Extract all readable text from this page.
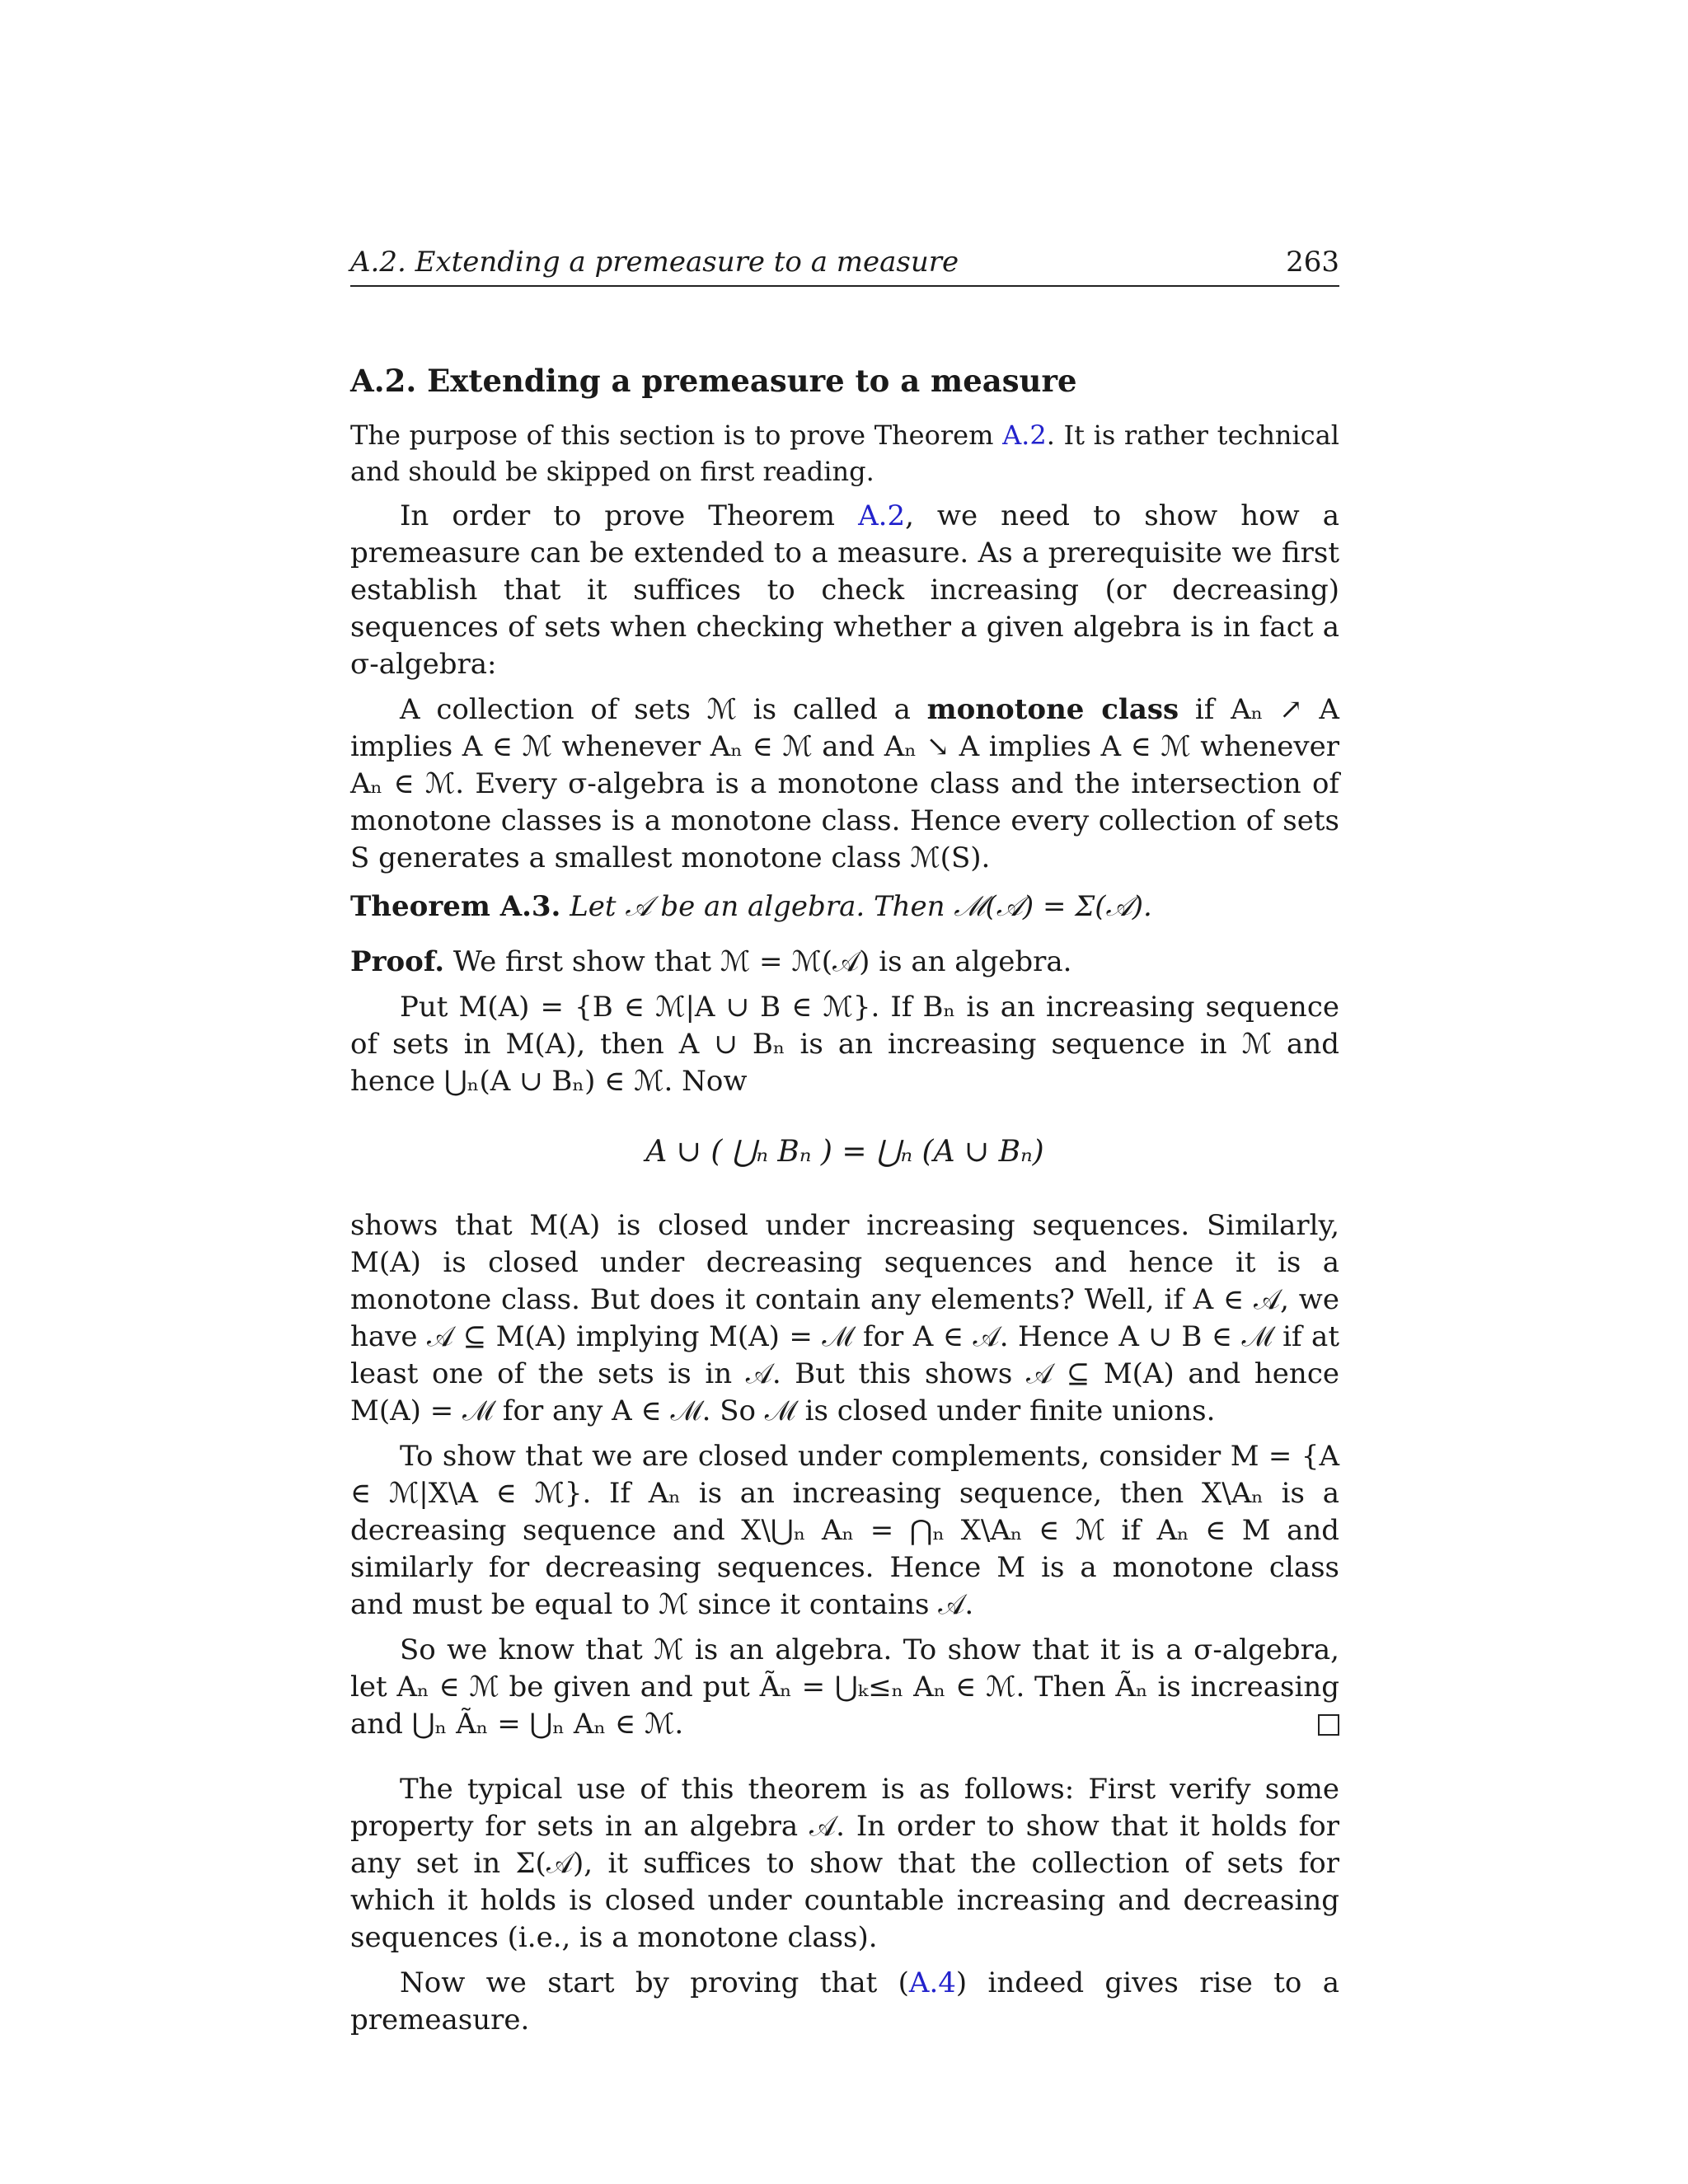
A.2. Extending a premeasure to a measure	263
A.2. Extending a premeasure to a measure

The purpose of this section is to prove Theorem A.2. It is rather technical and should be skipped on first reading.

In order to prove Theorem A.2, we need to show how a premeasure can be extended to a measure. As a prerequisite we first establish that it suffices to check increasing (or decreasing) sequences of sets when checking whether a given algebra is in fact a σ-algebra:

A collection of sets ℳ is called a monotone class if Aₙ ↗ A implies A ∈ ℳ whenever Aₙ ∈ ℳ and Aₙ ↘ A implies A ∈ ℳ whenever Aₙ ∈ ℳ. Every σ-algebra is a monotone class and the intersection of monotone classes is a monotone class. Hence every collection of sets S generates a smallest monotone class ℳ(S).

Theorem A.3. Let 𝒜 be an algebra. Then ℳ(𝒜) = Σ(𝒜).

Proof. We first show that ℳ = ℳ(𝒜) is an algebra.

Put M(A) = {B ∈ ℳ|A ∪ B ∈ ℳ}. If Bₙ is an increasing sequence of sets in M(A), then A ∪ Bₙ is an increasing sequence in ℳ and hence ⋃ₙ(A ∪ Bₙ) ∈ ℳ. Now

A ∪ ( ⋃ₙ Bₙ ) = ⋃ₙ (A ∪ Bₙ)

shows that M(A) is closed under increasing sequences. Similarly, M(A) is closed under decreasing sequences and hence it is a monotone class. But does it contain any elements? Well, if A ∈ 𝒜, we have 𝒜 ⊆ M(A) implying M(A) = ℳ for A ∈ 𝒜. Hence A ∪ B ∈ ℳ if at least one of the sets is in 𝒜. But this shows 𝒜 ⊆ M(A) and hence M(A) = ℳ for any A ∈ ℳ. So ℳ is closed under finite unions.

To show that we are closed under complements, consider M = {A ∈ ℳ|X\A ∈ ℳ}. If Aₙ is an increasing sequence, then X\Aₙ is a decreasing sequence and X\⋃ₙ Aₙ = ⋂ₙ X\Aₙ ∈ ℳ if Aₙ ∈ M and similarly for decreasing sequences. Hence M is a monotone class and must be equal to ℳ since it contains 𝒜.

So we know that ℳ is an algebra. To show that it is a σ-algebra, let Aₙ ∈ ℳ be given and put Ãₙ = ⋃ₖ≤ₙ Aₙ ∈ ℳ. Then Ãₙ is increasing and ⋃ₙ Ãₙ = ⋃ₙ Aₙ ∈ ℳ.

The typical use of this theorem is as follows: First verify some property for sets in an algebra 𝒜. In order to show that it holds for any set in Σ(𝒜), it suffices to show that the collection of sets for which it holds is closed under countable increasing and decreasing sequences (i.e., is a monotone class).

Now we start by proving that (A.4) indeed gives rise to a premeasure.
